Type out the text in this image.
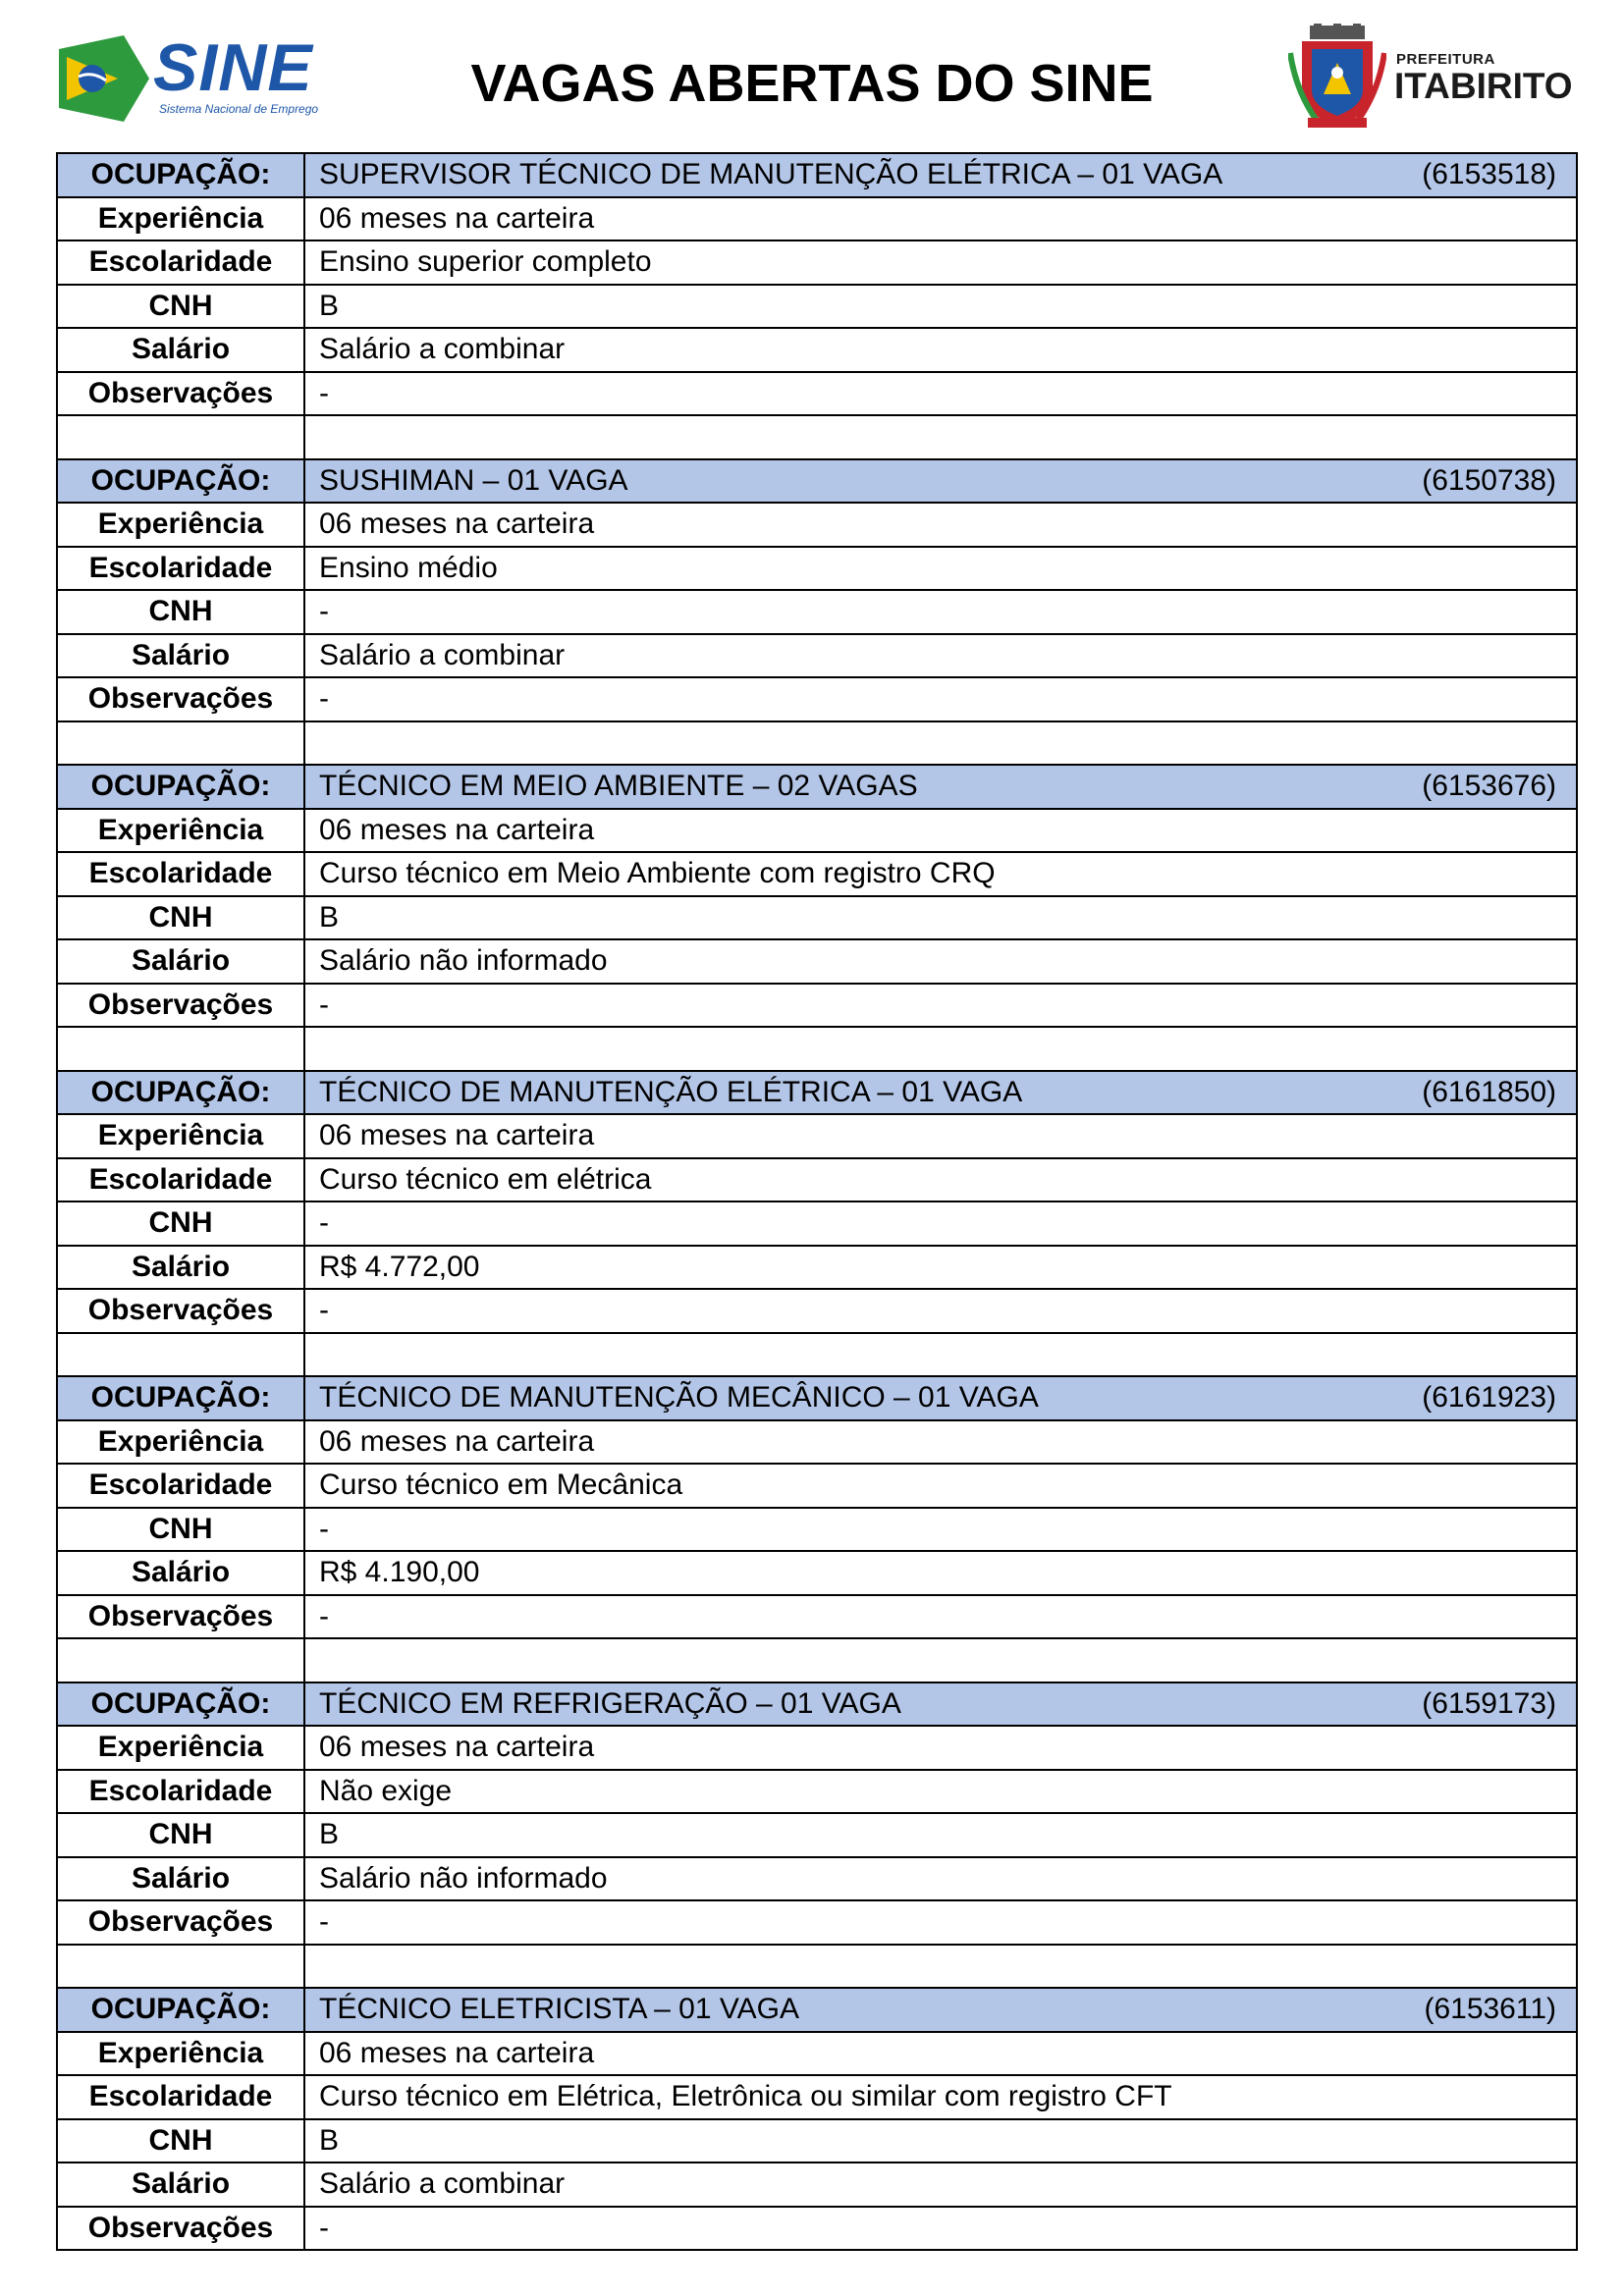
SINE
Sistema Nacional de Emprego	VAGAS ABERTAS DO SINE	PREFEITURA
ITABIRITO
OCUPAÇÃO:	SUPERVISOR TÉCNICO DE MANUTENÇÃO ELÉTRICA – 01 VAGA (6153518)

Experiência	06 meses na carteira
Escolaridade	Ensino superior completo
CNH	B
Salário	Salário a combinar
Observações	-

OCUPAÇÃO:	SUSHIMAN – 01 VAGA (6150738)

Experiência	06 meses na carteira
Escolaridade	Ensino médio
CNH	-
Salário	Salário a combinar
Observações	-

OCUPAÇÃO:	TÉCNICO EM MEIO AMBIENTE – 02 VAGAS (6153676)

Experiência	06 meses na carteira
Escolaridade	Curso técnico em Meio Ambiente com registro CRQ
CNH	B
Salário	Salário não informado
Observações	-

OCUPAÇÃO:	TÉCNICO DE MANUTENÇÃO ELÉTRICA – 01 VAGA (6161850)

Experiência	06 meses na carteira
Escolaridade	Curso técnico em elétrica
CNH	-
Salário	R$ 4.772,00
Observações	-

OCUPAÇÃO:	TÉCNICO DE MANUTENÇÃO MECÂNICO – 01 VAGA (6161923)

Experiência	06 meses na carteira
Escolaridade	Curso técnico em Mecânica
CNH	-
Salário	R$ 4.190,00
Observações	-

OCUPAÇÃO:	TÉCNICO EM REFRIGERAÇÃO – 01 VAGA (6159173)

Experiência	06 meses na carteira
Escolaridade	Não exige
CNH	B
Salário	Salário não informado
Observações	-

OCUPAÇÃO:	TÉCNICO ELETRICISTA – 01 VAGA (6153611)

Experiência	06 meses na carteira
Escolaridade	Curso técnico em Elétrica, Eletrônica ou similar com registro CFT
CNH	B
Salário	Salário a combinar
Observações	-
